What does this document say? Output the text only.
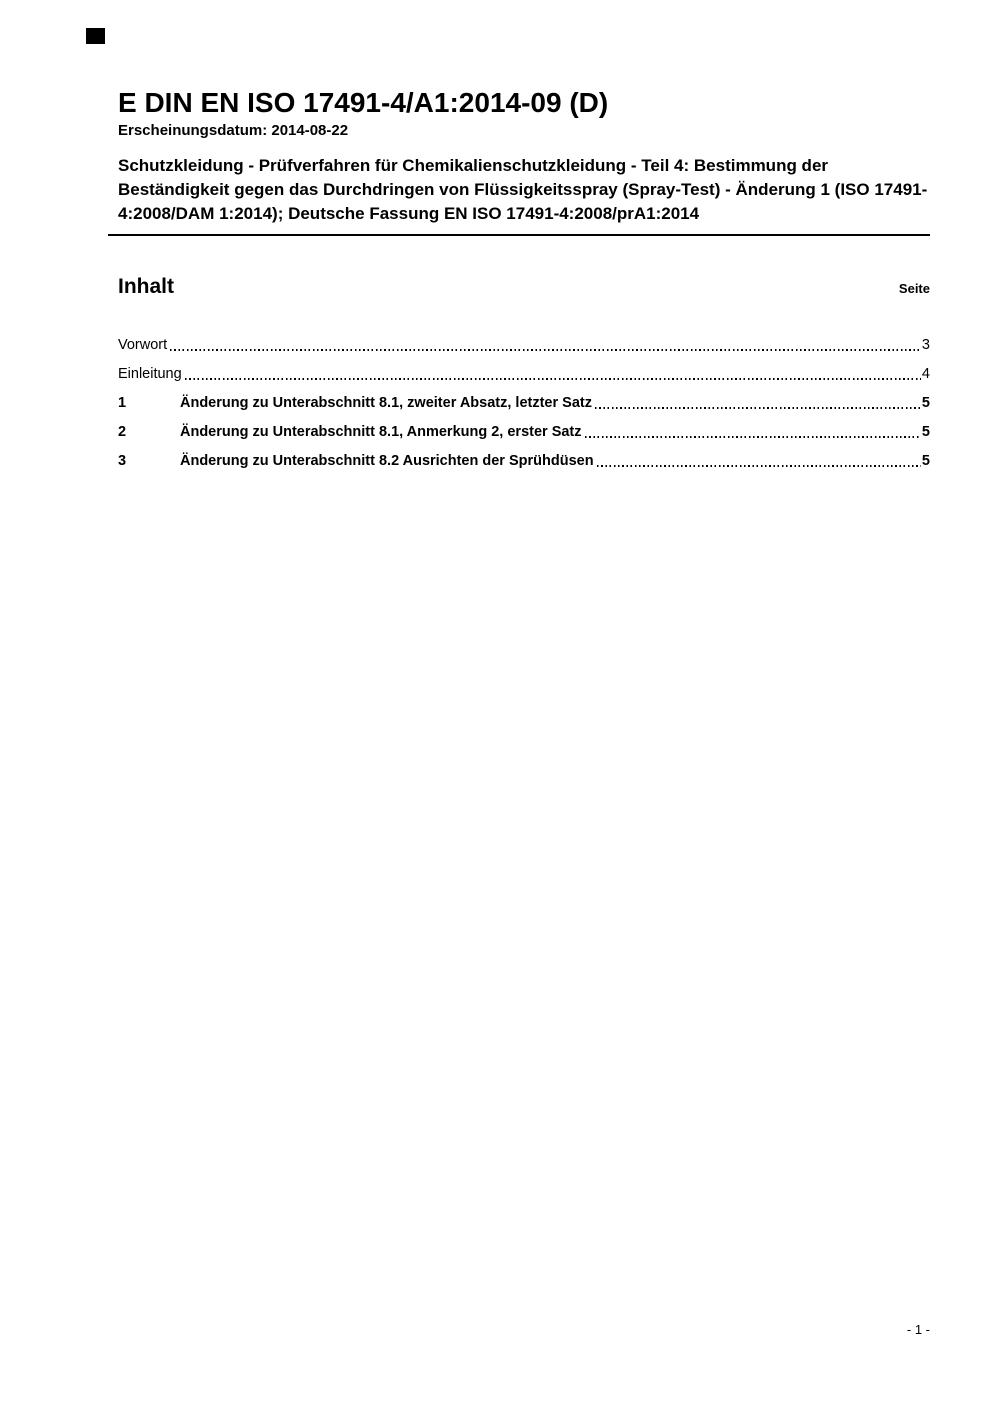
E DIN EN ISO 17491-4/A1:2014-09 (D)
Erscheinungsdatum: 2014-08-22
Schutzkleidung - Prüfverfahren für Chemikalienschutzkleidung - Teil 4: Bestimmung der Beständigkeit gegen das Durchdringen von Flüssigkeitsspray (Spray-Test) - Änderung 1 (ISO 17491-4:2008/DAM 1:2014); Deutsche Fassung EN ISO 17491-4:2008/prA1:2014
Inhalt	Seite
Vorwort	3
Einleitung	4
1	Änderung zu Unterabschnitt 8.1, zweiter Absatz, letzter Satz	5
2	Änderung zu Unterabschnitt 8.1, Anmerkung 2, erster Satz	5
3	Änderung zu Unterabschnitt 8.2 Ausrichten der Sprühdüsen	5
- 1 -
